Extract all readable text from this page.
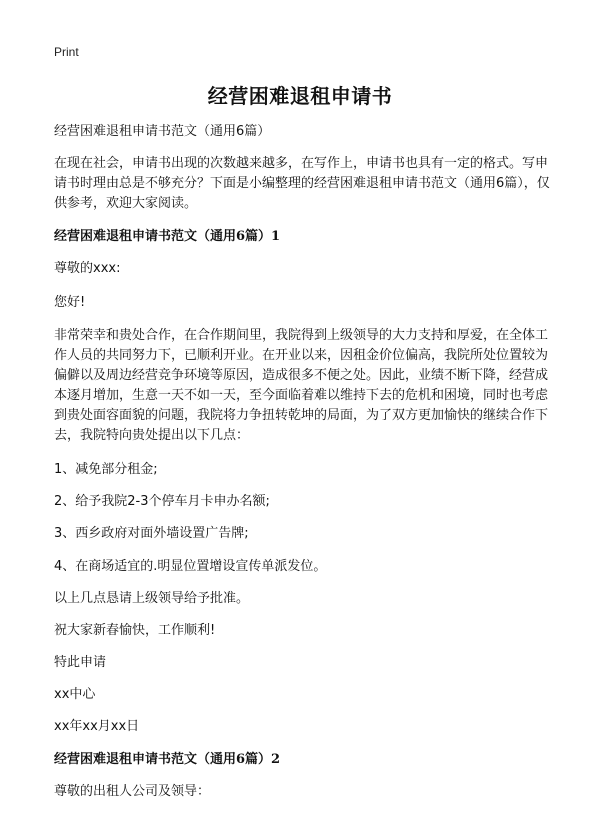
Print
经营困难退租申请书

经营困难退租申请书范文（通用6篇）

在现在社会，申请书出现的次数越来越多，在写作上，申请书也具有一定的格式。写申请书时理由总是不够充分？下面是小编整理的经营困难退租申请书范文（通用6篇），仅供参考，欢迎大家阅读。

经营困难退租申请书范文（通用6篇）1

尊敬的xxx:

您好!

非常荣幸和贵处合作，在合作期间里，我院得到上级领导的大力支持和厚爱，在全体工作人员的共同努力下，已顺利开业。在开业以来，因租金价位偏高，我院所处位置较为偏僻以及周边经营竞争环境等原因，造成很多不便之处。因此，业绩不断下降，经营成本逐月增加，生意一天不如一天，至今面临着难以维持下去的危机和困境，同时也考虑到贵处面容面貌的问题，我院将力争扭转乾坤的局面，为了双方更加愉快的继续合作下去，我院特向贵处提出以下几点：

1、减免部分租金;

2、给予我院2-3个停车月卡申办名额;

3、西乡政府对面外墙设置广告牌;

4、在商场适宜的.明显位置增设宣传单派发位。

以上几点恳请上级领导给予批准。

祝大家新春愉快，工作顺利!

特此申请

xx中心

xx年xx月xx日

经营困难退租申请书范文（通用6篇）2

尊敬的出租人公司及领导：
